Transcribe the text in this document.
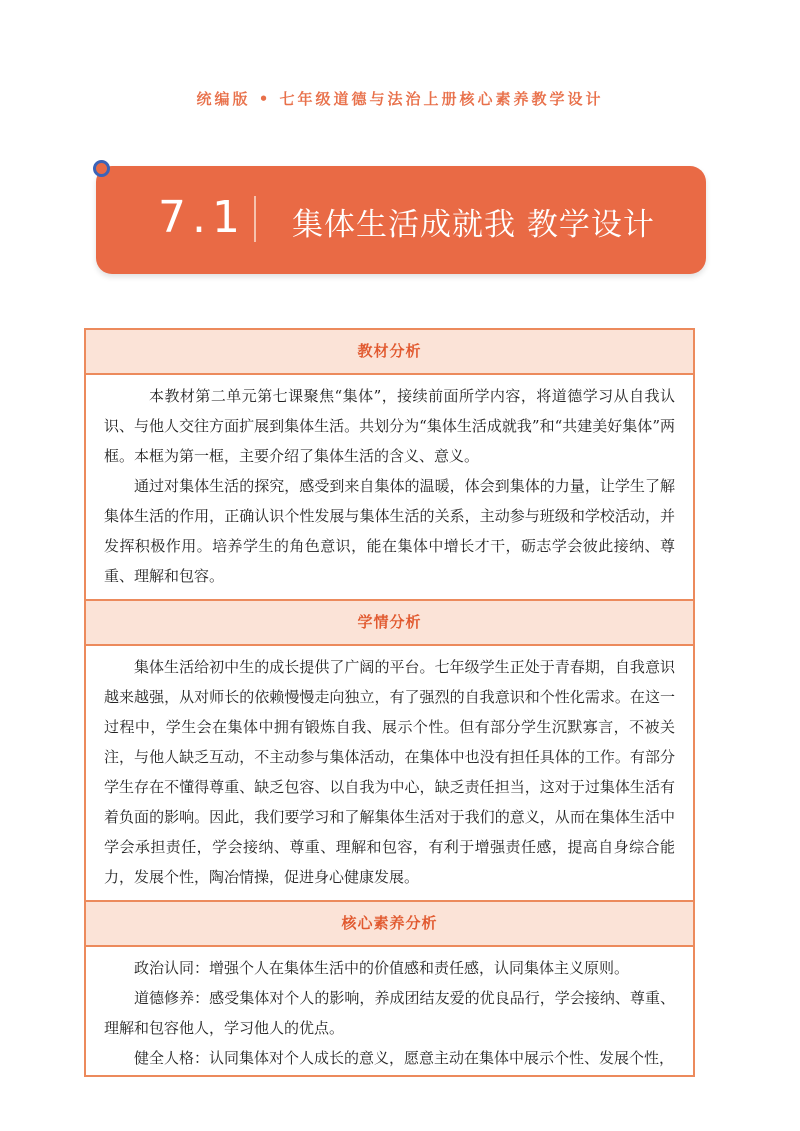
统编版 • 七年级道德与法治上册核心素养教学设计
7.1 集体生活成就我 教学设计
教材分析

本教材第二单元第七课聚焦“集体”，接续前面所学内容，将道德学习从自我认识、与他人交往方面扩展到集体生活。共划分为“集体生活成就我”和“共建美好集体”两框。本框为第一框，主要介绍了集体生活的含义、意义。

通过对集体生活的探究，感受到来自集体的温暖，体会到集体的力量，让学生了解集体生活的作用，正确认识个性发展与集体生活的关系，主动参与班级和学校活动，并发挥积极作用。培养学生的角色意识，能在集体中增长才干，砺志学会彼此接纳、尊重、理解和包容。

学情分析

集体生活给初中生的成长提供了广阔的平台。七年级学生正处于青春期，自我意识越来越强，从对师长的依赖慢慢走向独立，有了强烈的自我意识和个性化需求。在这一过程中，学生会在集体中拥有锻炼自我、展示个性。但有部分学生沉默寡言，不被关注，与他人缺乏互动，不主动参与集体活动，在集体中也没有担任具体的工作。有部分学生存在不懂得尊重、缺乏包容、以自我为中心，缺乏责任担当，这对于过集体生活有着负面的影响。因此，我们要学习和了解集体生活对于我们的意义，从而在集体生活中学会承担责任，学会接纳、尊重、理解和包容，有利于增强责任感，提高自身综合能力，发展个性，陶冶情操，促进身心健康发展。

核心素养分析

政治认同：增强个人在集体生活中的价值感和责任感，认同集体主义原则。

道德修养：感受集体对个人的影响，养成团结友爱的优良品行，学会接纳、尊重、理解和包容他人，学习他人的优点。

健全人格：认同集体对个人成长的意义，愿意主动在集体中展示个性、发展个性，
